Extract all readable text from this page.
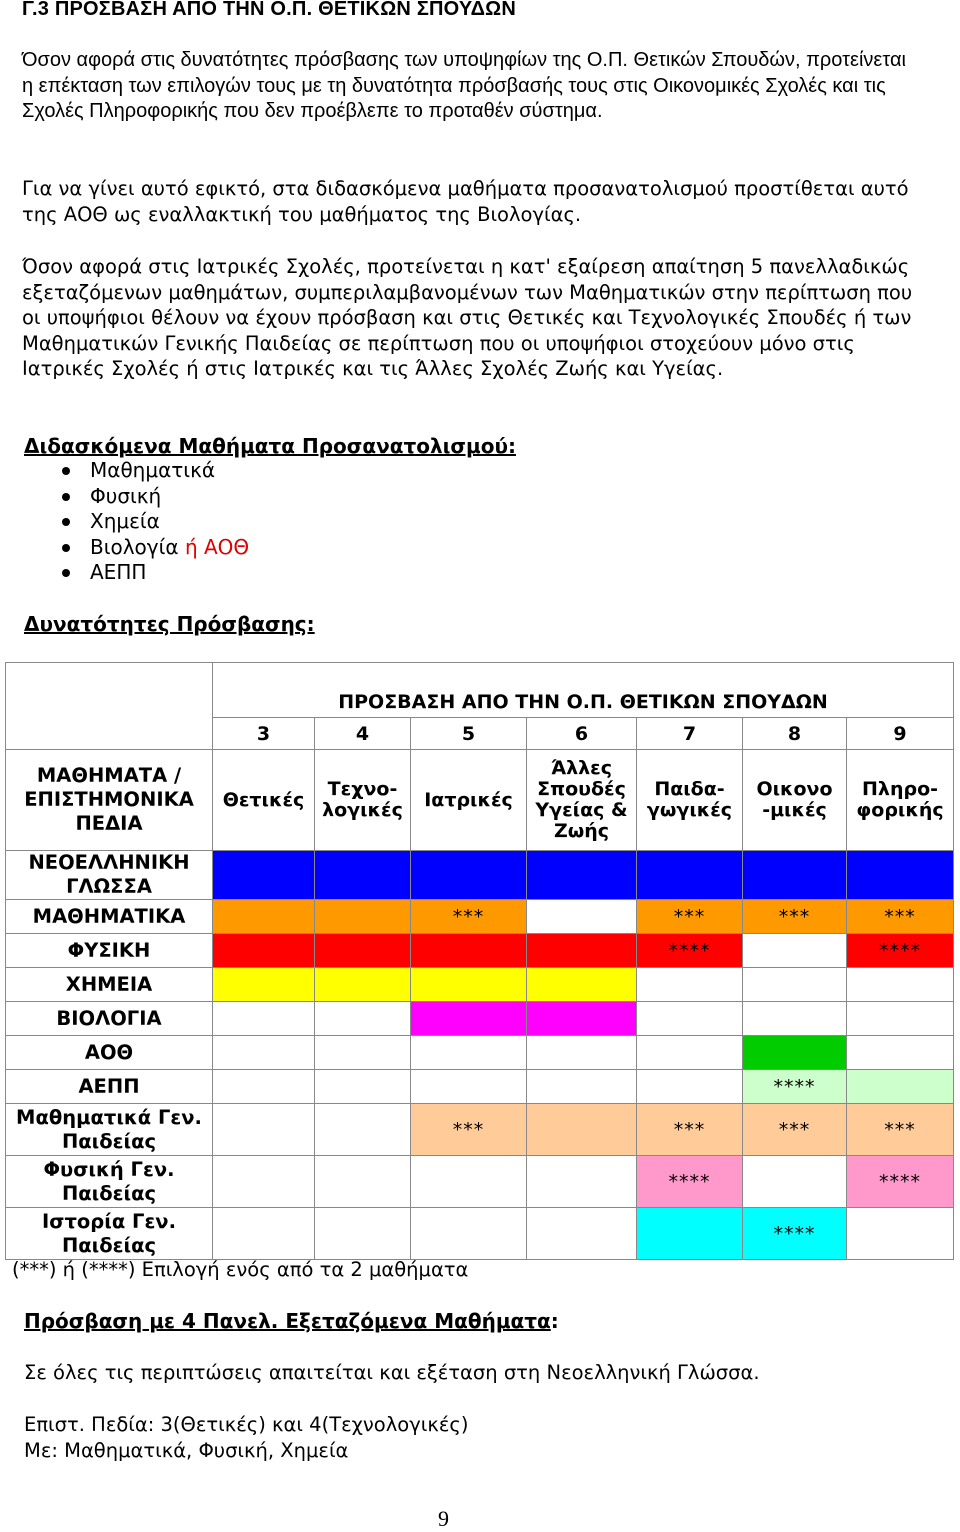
Γ.3 ΠΡΟΣΒΑΣΗ ΑΠΟ ΤΗΝ Ο.Π. ΘΕΤΙΚΩΝ ΣΠΟΥΔΩΝ

Όσον αφορά στις δυνατότητες πρόσβασης των υποψηφίων της Ο.Π. Θετικών Σπουδών, προτείνεται η επέκταση των επιλογών τους με τη δυνατότητα πρόσβασής τους στις Οικονομικές Σχολές και τις Σχολές Πληροφορικής που δεν προέβλεπε το προταθέν σύστημα.

Για να γίνει αυτό εφικτό, στα διδασκόμενα μαθήματα προσανατολισμού προστίθεται αυτό της ΑΟΘ ως εναλλακτική του μαθήματος της Βιολογίας.

Όσον αφορά στις Ιατρικές Σχολές, προτείνεται η κατ' εξαίρεση απαίτηση 5 πανελλαδικώς εξεταζόμενων μαθημάτων, συμπεριλαμβανομένων των Μαθηματικών στην περίπτωση που οι υποψήφιοι θέλουν να έχουν πρόσβαση και στις Θετικές και Τεχνολογικές Σπουδές ή των Μαθηματικών Γενικής Παιδείας σε περίπτωση που οι υποψήφιοι στοχεύουν μόνο στις Ιατρικές Σχολές ή στις Ιατρικές και τις Άλλες Σχολές Ζωής και Υγείας.

Διδασκόμενα Μαθήματα Προσανατολισμού:
Μαθηματικά
Φυσική
Χημεία
Βιολογία ή ΑΟΘ
ΑΕΠΠ
Δυνατότητες Πρόσβασης:
	ΠΡΟΣΒΑΣΗ ΑΠΟ ΤΗΝ Ο.Π. ΘΕΤΙΚΩΝ ΣΠΟΥΔΩΝ						
	3	4	5	6	7	8	9
ΜΑΘΗΜΑΤΑ / ΕΠΙΣΤΗΜΟΝΙΚΑ ΠΕΔΙΑ	Θετικές	Τεχνο-λογικές	Ιατρικές	Άλλες Σπουδές Υγείας & Ζωής	Παιδα-γωγικές	Οικονο -μικές	Πληρο-φορικής
ΝΕΟΕΛΛΗΝΙΚΗ ΓΛΩΣΣΑ							
ΜΑΘΗΜΑΤΙΚΑ			***		***	***	***
ΦΥΣΙΚΗ					****		****
ΧΗΜΕΙΑ							
ΒΙΟΛΟΓΙΑ							
ΑΟΘ							
ΑΕΠΠ						****	
Μαθηματικά Γεν. Παιδείας			***		***	***	***
Φυσική Γεν. Παιδείας					****		****
Ιστορία Γεν. Παιδείας						****	
(***) ή (****) Επιλογή ενός από τα 2 μαθήματα
Πρόσβαση με 4 Πανελ. Εξεταζόμενα Μαθήματα:
Σε όλες τις περιπτώσεις απαιτείται και εξέταση στη Νεοελληνική Γλώσσα.
Επιστ. Πεδία: 3(Θετικές) και 4(Τεχνολογικές)
Με: Μαθηματικά, Φυσική, Χημεία
9
